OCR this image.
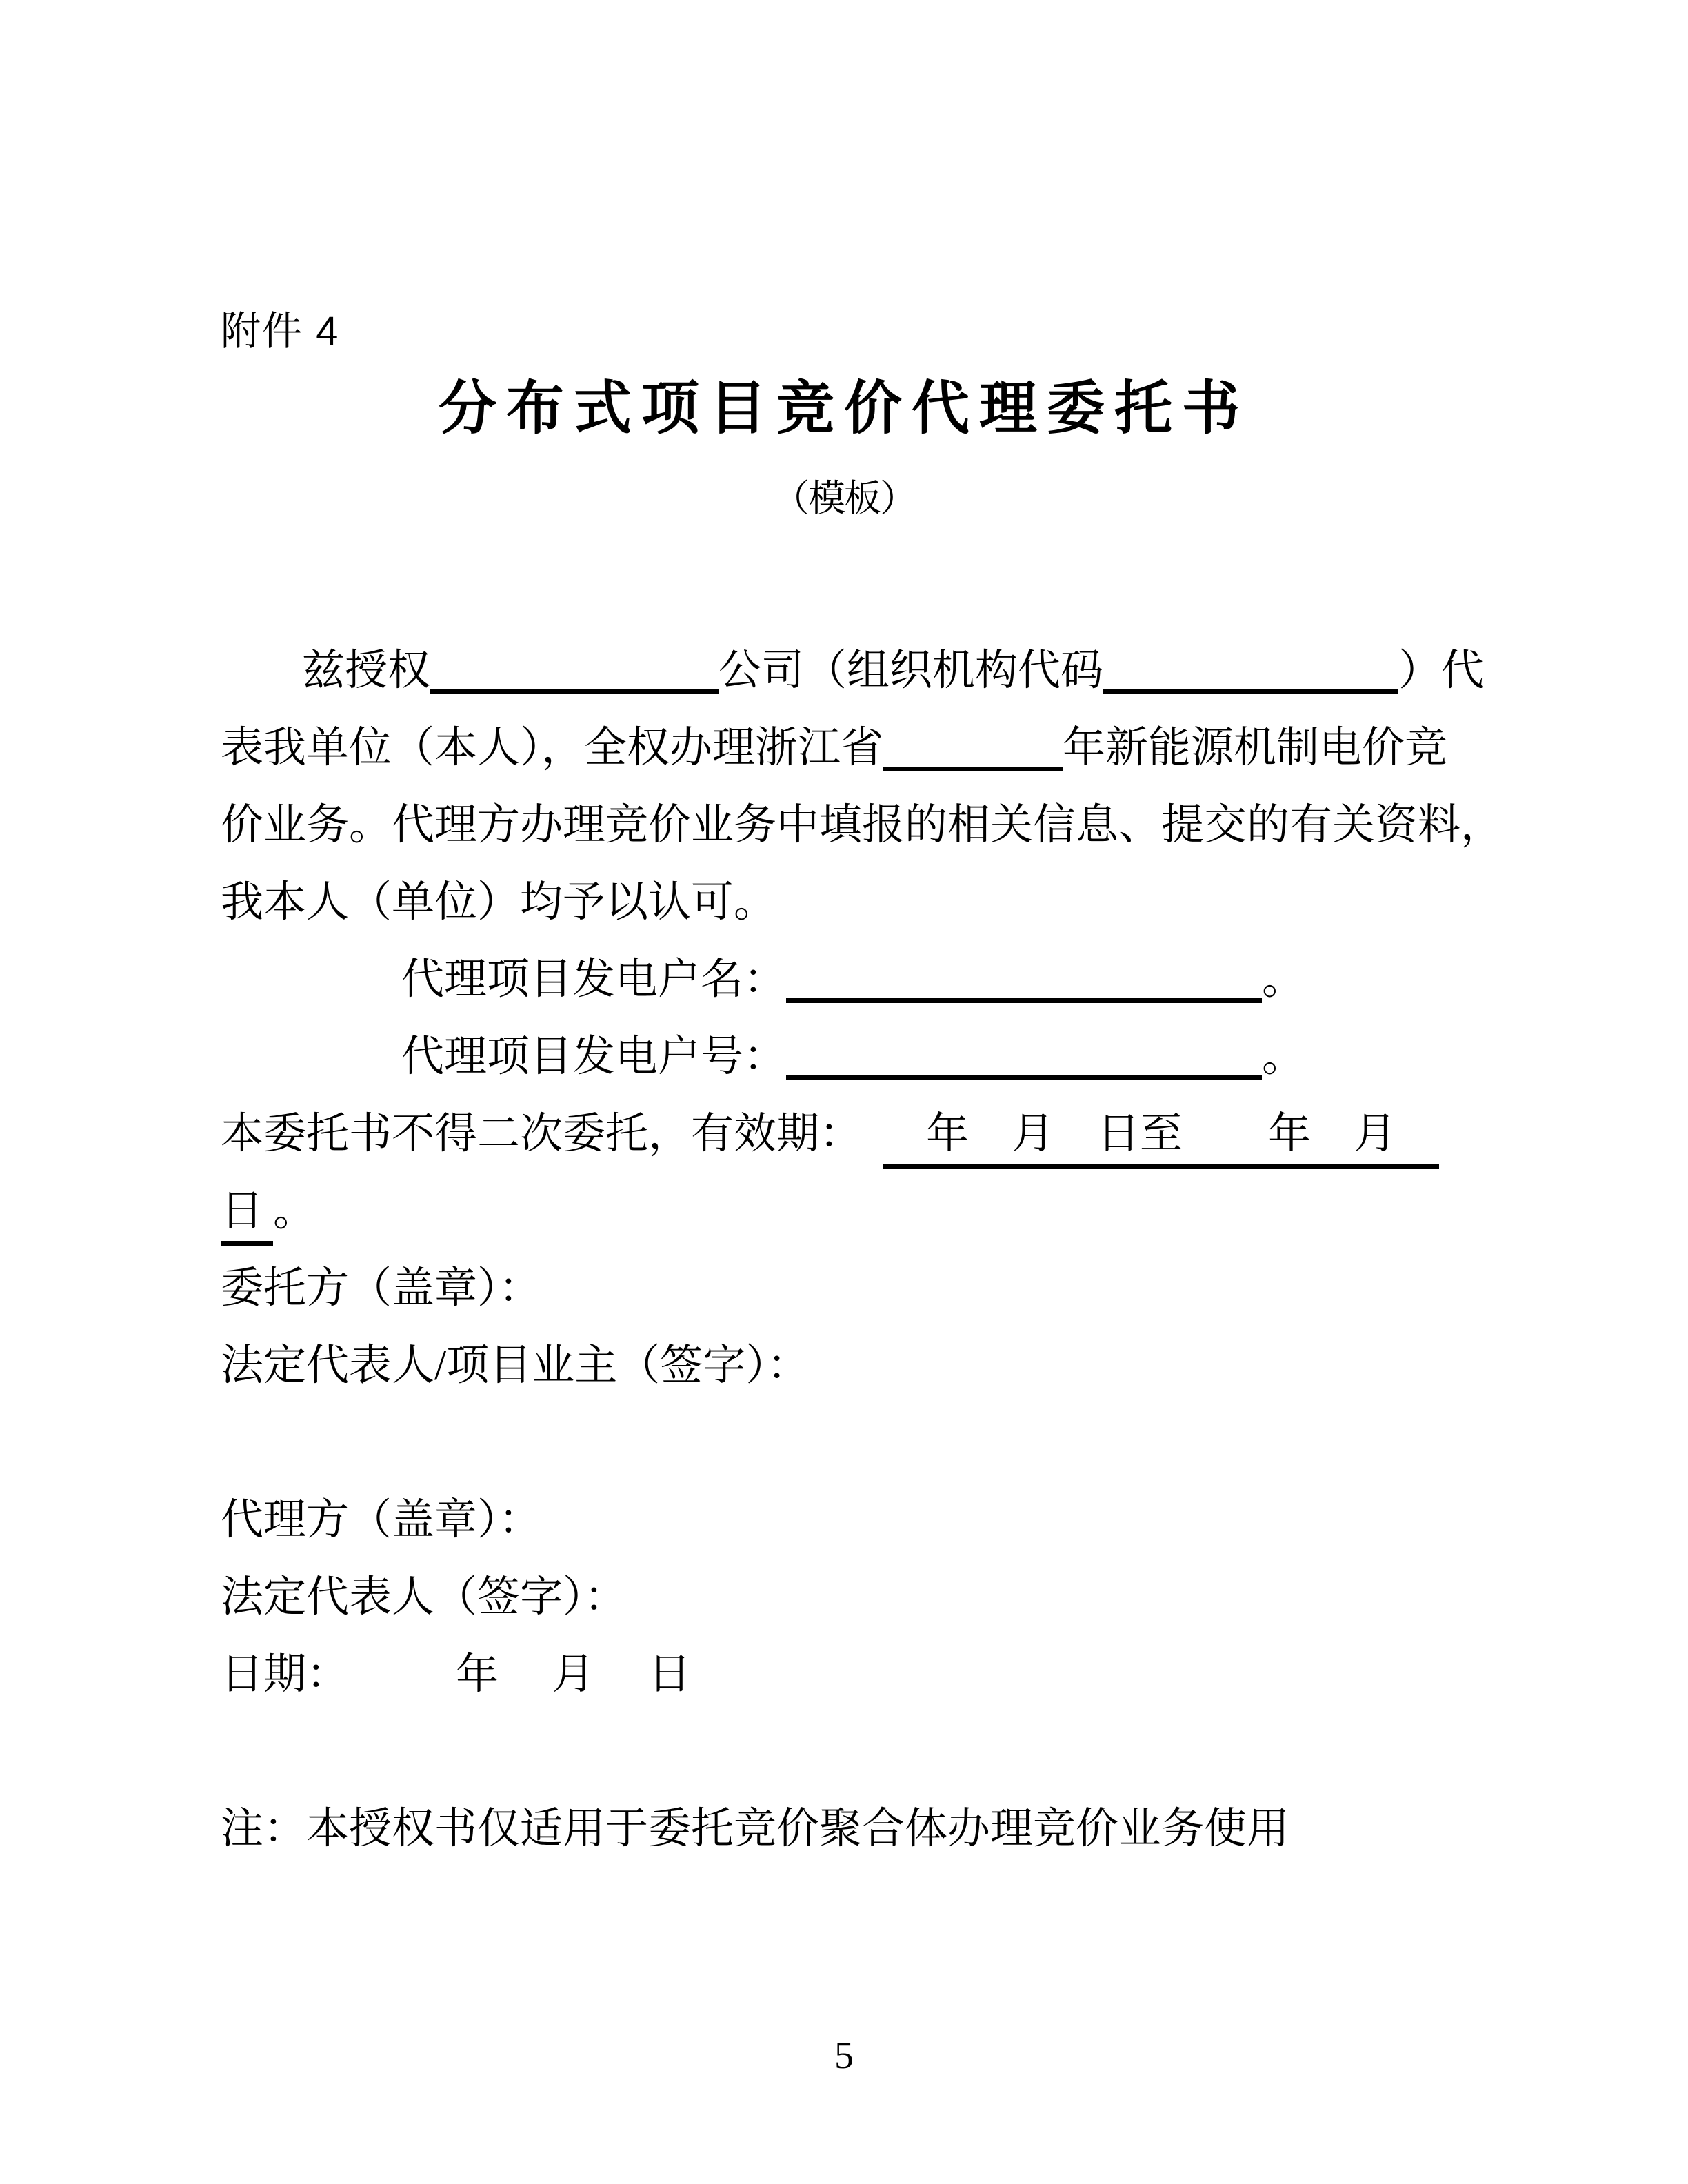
附件 4
分布式项目竞价代理委托书
（模板）
兹授权	公司（组织机构代码	）代
表我单位（本人），全权办理浙江省	年新能源机制电价竞
价业务。代理方办理竞价业务中填报的相关信息、提交的有关资料，
我本人（单位）均予以认可。
代理项目发电户名：	。
代理项目发电户号：	。
本委托书不得二次委托，有效期：　　年　月　日至　　年　月　
日 。
委托方（盖章）：
法定代表人/项目业主（签字）：
代理方（盖章）：
法定代表人（签字）：
日期：　　　年　 月　 日
注：本授权书仅适用于委托竞价聚合体办理竞价业务使用
5
